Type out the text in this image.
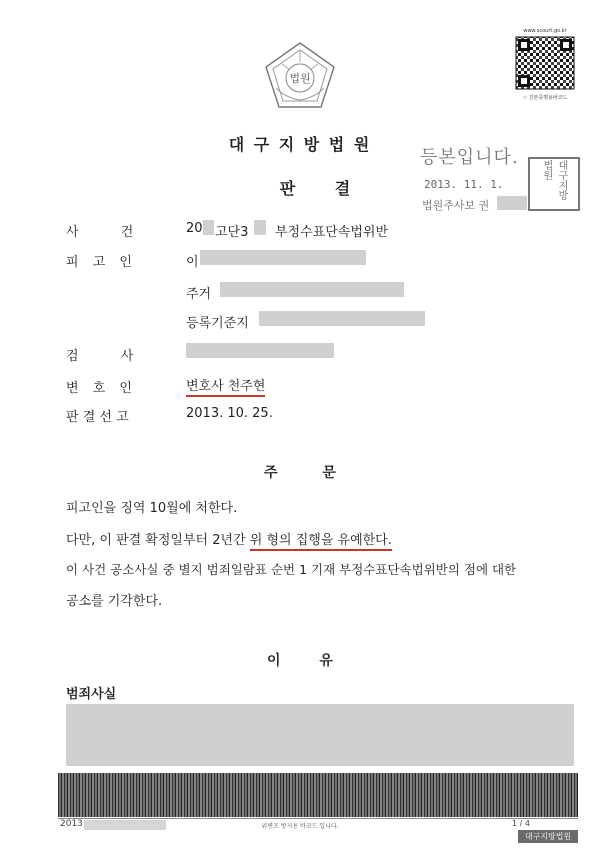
법원
www.scourt.go.kr
☆ 진본증명용바코드
대 구 지 방 법 원
판 결
등본입니다.
2013. 11. 1.
법원주사보 권
대구지방법원
사 건	20 고단3 부정수표단속법위반
피 고 인	이
주거
등록기준지
검 사
변 호 인	변호사 천주현
판 결 선 고	2013. 10. 25.
주 문
피고인을 징역 10월에 처한다.
다만, 이 판결 확정일부터 2년간 위 형의 집행을 유예한다.
이 사건 공소사실 중 별지 범죄일람표 순번 1 기재 부정수표단속법위반의 점에 대한
공소를 기각한다.
이 유
범죄사실
2013	위변조 방지용 바코드 입니다.	1 / 4
대구지방법원
